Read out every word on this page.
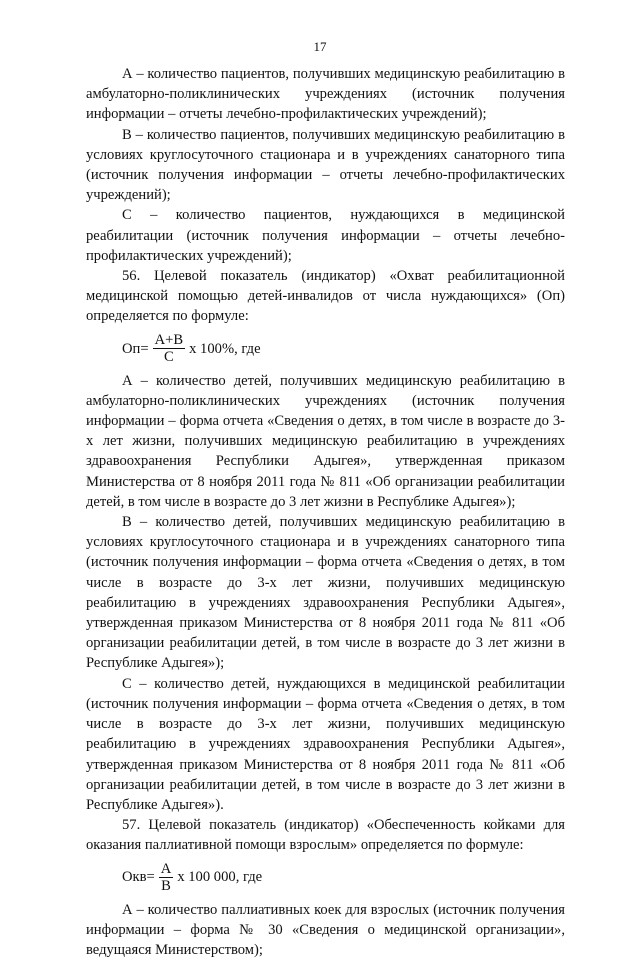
17

А – количество пациентов, получивших медицинскую реабилитацию в амбулаторно-поликлинических учреждениях (источник получения информации – отчеты лечебно-профилактических учреждений);

В – количество пациентов, получивших медицинскую реабилитацию в условиях круглосуточного стационара и в учреждениях санаторного типа (источник получения информации – отчеты лечебно-профилактических учреждений);

С – количество пациентов, нуждающихся в медицинской реабилитации (источник получения информации – отчеты лечебно-профилактических учреждений);

56. Целевой показатель (индикатор) «Охват реабилитационной медицинской помощью детей-инвалидов от числа нуждающихся» (Оп) определяется по формуле:

$Оп= \frac{А+В}{С}$ х 100%, где

А – количество детей, получивших медицинскую реабилитацию в амбулаторно-поликлинических учреждениях (источник получения информации – форма отчета «Сведения о детях, в том числе в возрасте до 3-х лет жизни, получивших медицинскую реабилитацию в учреждениях здравоохранения Республики Адыгея», утвержденная приказом Министерства от 8 ноября 2011 года № 811 «Об организации реабилитации детей, в том числе в возрасте до 3 лет жизни в Республике Адыгея»);

В – количество детей, получивших медицинскую реабилитацию в условиях круглосуточного стационара и в учреждениях санаторного типа (источник получения информации – форма отчета «Сведения о детях, в том числе в возрасте до 3-х лет жизни, получивших медицинскую реабилитацию в учреждениях здравоохранения Республики Адыгея», утвержденная приказом Министерства от 8 ноября 2011 года № 811 «Об организации реабилитации детей, в том числе в возрасте до 3 лет жизни в Республике Адыгея»);

С – количество детей, нуждающихся в медицинской реабилитации (источник получения информации – форма отчета «Сведения о детях, в том числе в возрасте до 3-х лет жизни, получивших медицинскую реабилитацию в учреждениях здравоохранения Республики Адыгея», утвержденная приказом Министерства от 8 ноября 2011 года № 811 «Об организации реабилитации детей, в том числе в возрасте до 3 лет жизни в Республике Адыгея»).

57. Целевой показатель (индикатор) «Обеспеченность койками для оказания паллиативной помощи взрослым» определяется по формуле:

$Окв= \frac{А}{В}$ х 100 000, где

А – количество паллиативных коек для взрослых (источник получения информации – форма № 30 «Сведения о медицинской организации», ведущаяся Министерством);
